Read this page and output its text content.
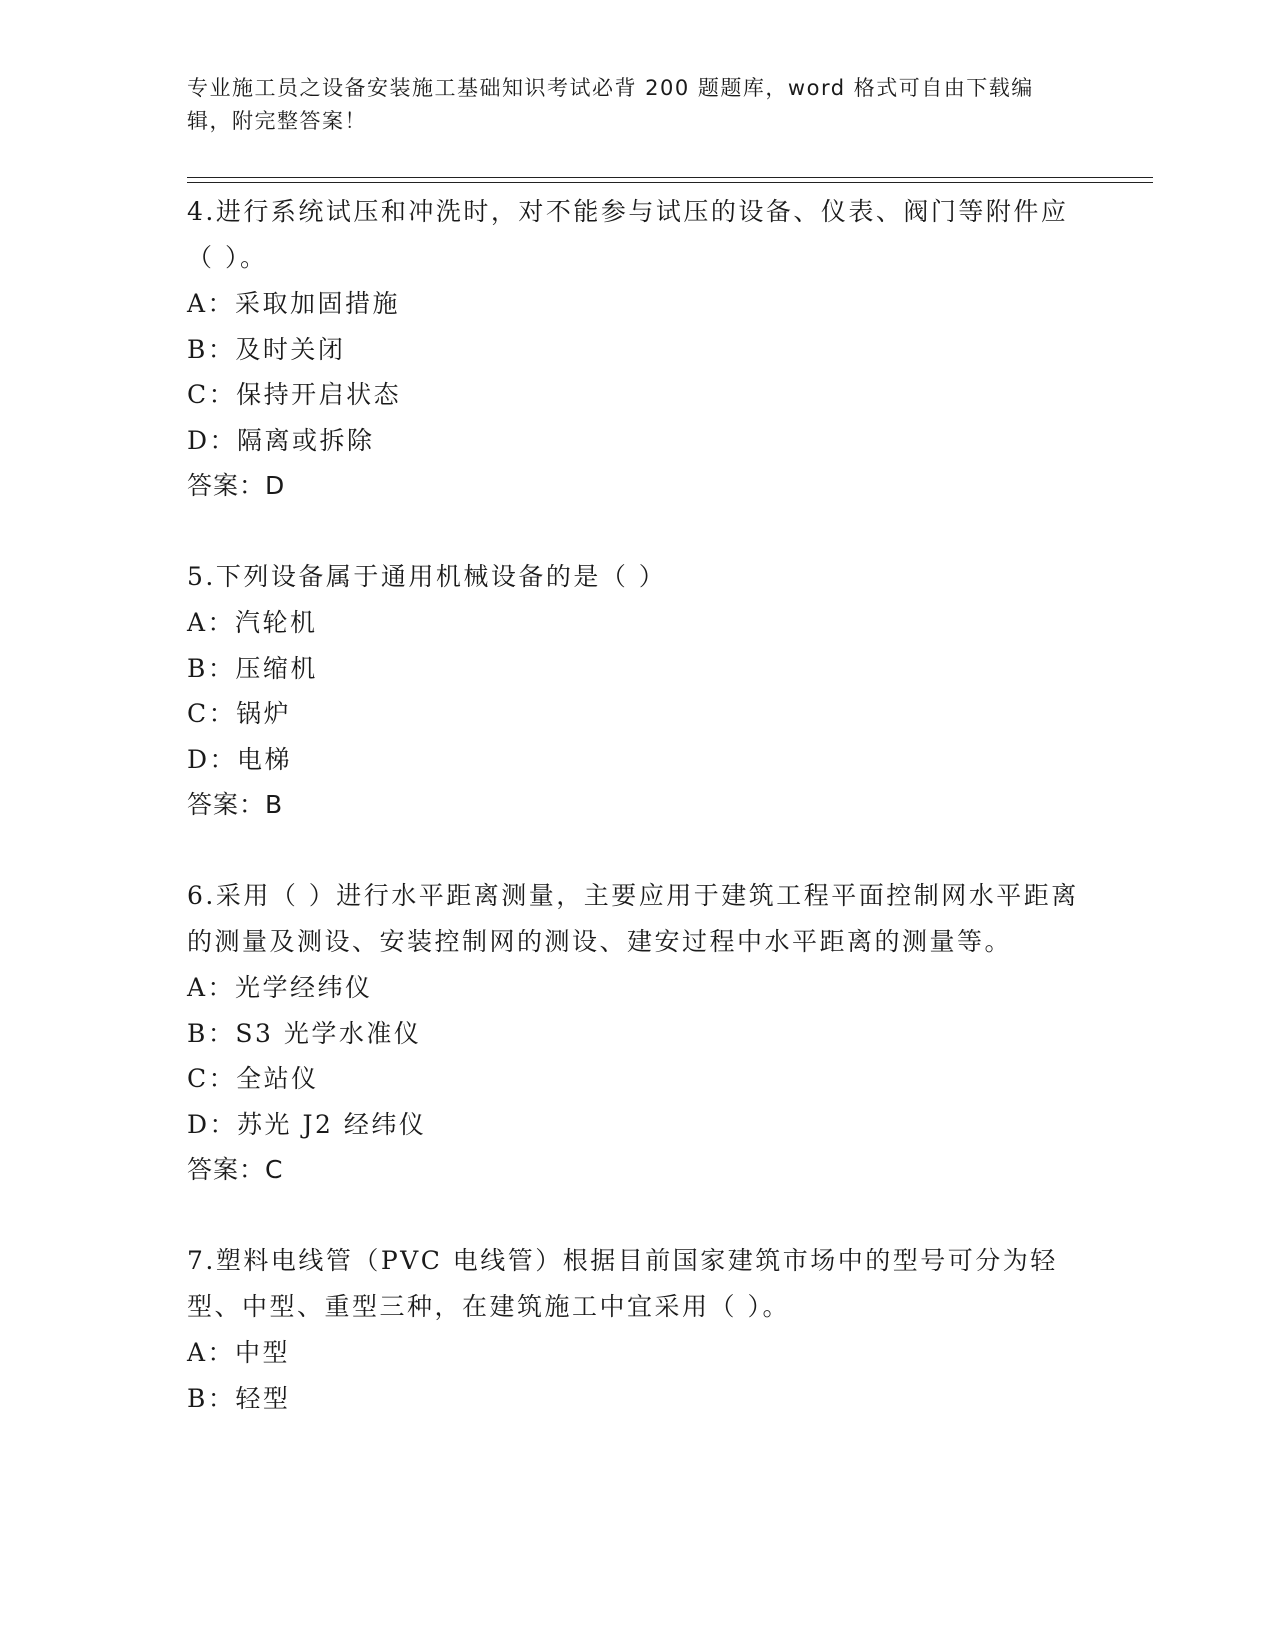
专业施工员之设备安装施工基础知识考试必背 200 题题库，word 格式可自由下载编辑，附完整答案！
4.进行系统试压和冲洗时，对不能参与试压的设备、仪表、阀门等附件应（ ）。
A：采取加固措施
B：及时关闭
C：保持开启状态
D：隔离或拆除
答案：D
5.下列设备属于通用机械设备的是（ ）
A：汽轮机
B：压缩机
C：锅炉
D：电梯
答案：B
6.采用（ ）进行水平距离测量，主要应用于建筑工程平面控制网水平距离的测量及测设、安装控制网的测设、建安过程中水平距离的测量等。
A：光学经纬仪
B：S3 光学水准仪
C：全站仪
D：苏光 J2 经纬仪
答案：C
7.塑料电线管（PVC 电线管）根据目前国家建筑市场中的型号可分为轻型、中型、重型三种，在建筑施工中宜采用（ ）。
A：中型
B：轻型
